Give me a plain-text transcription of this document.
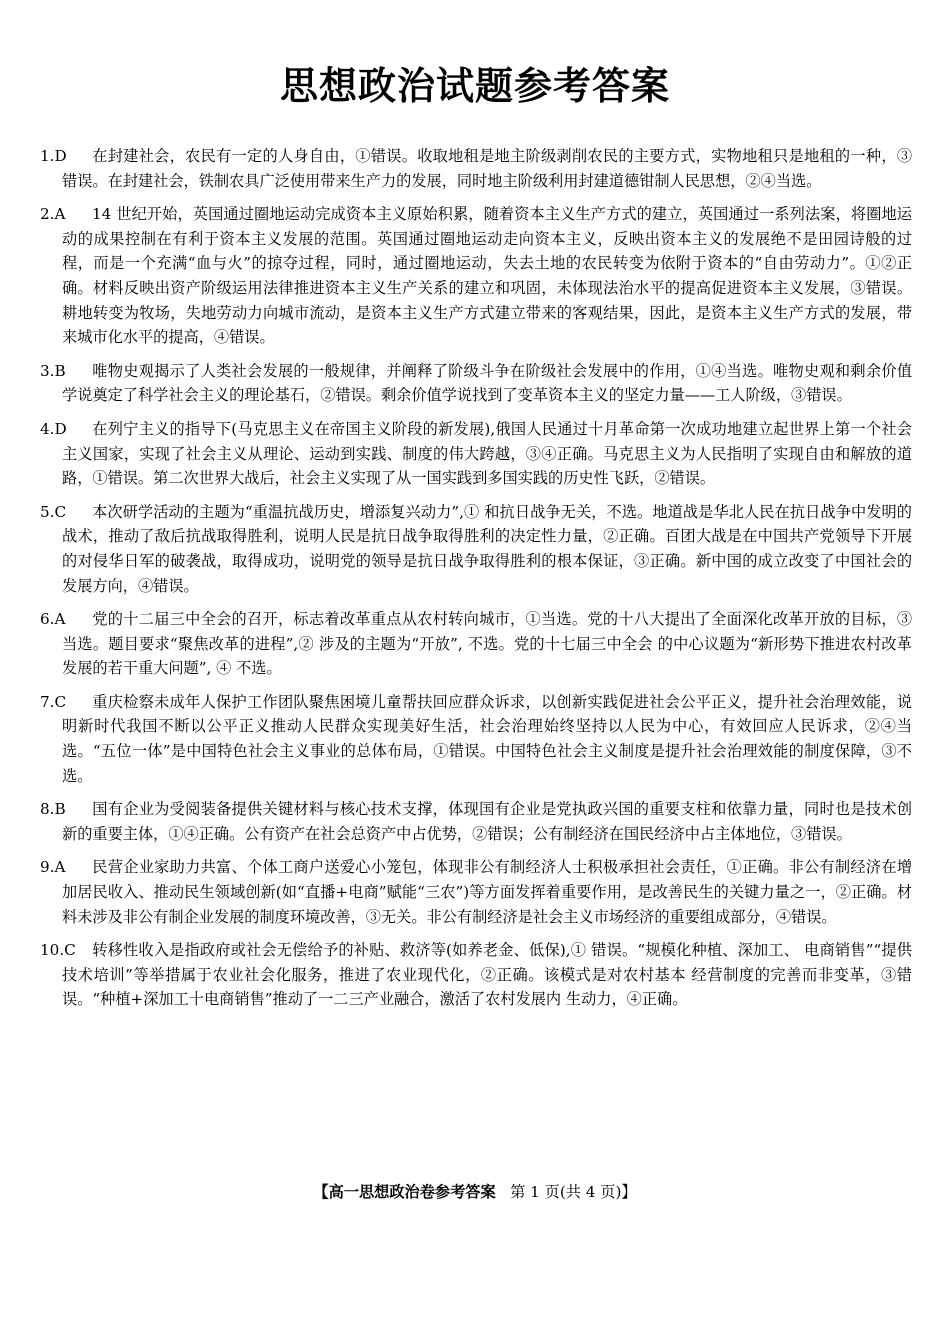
思想政治试题参考答案
1.D 在封建社会，农民有一定的人身自由，①错误。收取地租是地主阶级剥削农民的主要方式，实物地租只是地租的一种，③错误。在封建社会，铁制农具广泛使用带来生产力的发展，同时地主阶级利用封建道德钳制人民思想，②④当选。
2.A 14 世纪开始，英国通过圈地运动完成资本主义原始积累，随着资本主义生产方式的建立，英国通过一系列法案，将圈地运动的成果控制在有利于资本主义发展的范围。英国通过圈地运动走向资本主义，反映出资本主义的发展绝不是田园诗般的过程，而是一个充满“血与火”的掠夺过程，同时，通过圈地运动，失去土地的农民转变为依附于资本的“自由劳动力”。①②正确。材料反映出资产阶级运用法律推进资本主义生产关系的建立和巩固，未体现法治水平的提高促进资本主义发展，③错误。耕地转变为牧场，失地劳动力向城市流动，是资本主义生产方式建立带来的客观结果，因此，是资本主义生产方式的发展，带来城市化水平的提高，④错误。
3.B 唯物史观揭示了人类社会发展的一般规律，并阐释了阶级斗争在阶级社会发展中的作用，①④当选。唯物史观和剩余价值学说奠定了科学社会主义的理论基石，②错误。剩余价值学说找到了变革资本主义的坚定力量——工人阶级，③错误。
4.D 在列宁主义的指导下(马克思主义在帝国主义阶段的新发展),俄国人民通过十月革命第一次成功地建立起世界上第一个社会主义国家，实现了社会主义从理论、运动到实践、制度的伟大跨越，③④正确。马克思主义为人民指明了实现自由和解放的道路，①错误。第二次世界大战后，社会主义实现了从一国实践到多国实践的历史性飞跃，②错误。
5.C 本次研学活动的主题为“重温抗战历史，增添复兴动力”,① 和抗日战争无关，不选。地道战是华北人民在抗日战争中发明的战术，推动了敌后抗战取得胜利，说明人民是抗日战争取得胜利的决定性力量，②正确。百团大战是在中国共产党领导下开展的对侵华日军的破袭战，取得成功，说明党的领导是抗日战争取得胜利的根本保证，③正确。新中国的成立改变了中国社会的发展方向，④错误。
6.A 党的十二届三中全会的召开，标志着改革重点从农村转向城市，①当选。党的十八大提出了全面深化改革开放的目标，③当选。题目要求“聚焦改革的进程”,② 涉及的主题为“开放”, 不选。党的十七届三中全会 的中心议题为“新形势下推进农村改革发展的若干重大问题”, ④ 不选。
7.C 重庆检察未成年人保护工作团队聚焦困境儿童帮扶回应群众诉求，以创新实践促进社会公平正义，提升社会治理效能，说明新时代我国不断以公平正义推动人民群众实现美好生活，社会治理始终坚持以人民为中心，有效回应人民诉求，②④当选。“五位一体”是中国特色社会主义事业的总体布局，①错误。中国特色社会主义制度是提升社会治理效能的制度保障，③不选。
8.B 国有企业为受阅装备提供关键材料与核心技术支撑，体现国有企业是党执政兴国的重要支柱和依靠力量，同时也是技术创新的重要主体，①④正确。公有资产在社会总资产中占优势，②错误；公有制经济在国民经济中占主体地位，③错误。
9.A 民营企业家助力共富、个体工商户送爱心小笼包，体现非公有制经济人士积极承担社会责任，①正确。非公有制经济在增加居民收入、推动民生领域创新(如“直播+电商”赋能“三农”)等方面发挥着重要作用，是改善民生的关键力量之一，②正确。材料未涉及非公有制企业发展的制度环境改善，③无关。非公有制经济是社会主义市场经济的重要组成部分，④错误。
10.C 转移性收入是指政府或社会无偿给予的补贴、救济等(如养老金、低保),① 错误。“规模化种植、深加工、 电商销售”“提供技术培训”等举措属于农业社会化服务，推进了农业现代化，②正确。该模式是对农村基本 经营制度的完善而非变革，③错误。“种植+深加工十电商销售”推动了一二三产业融合，激活了农村发展内 生动力，④正确。
【高一思想政治卷参考答案 第 1 页(共 4 页)】
